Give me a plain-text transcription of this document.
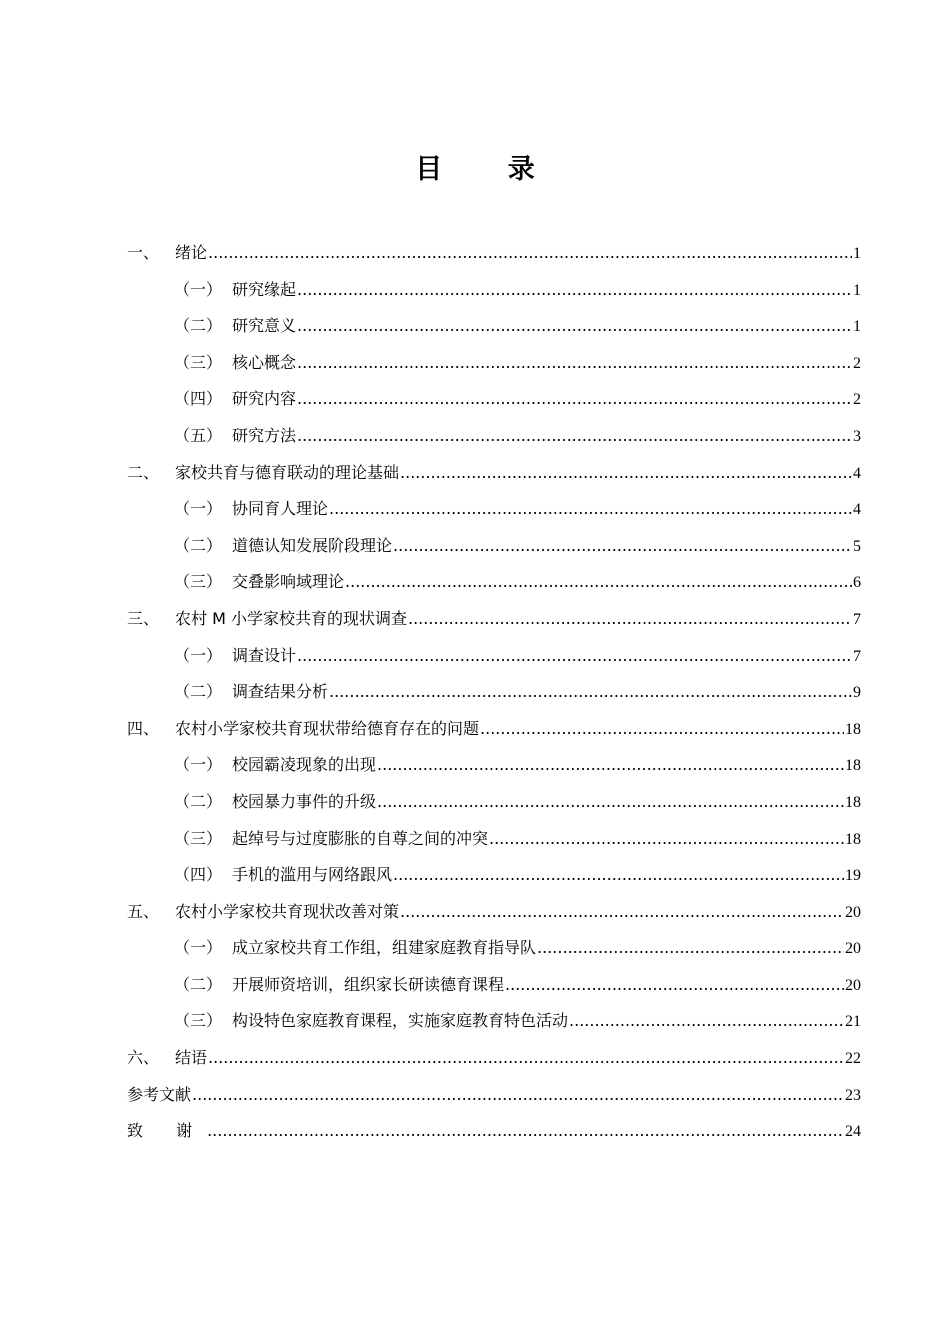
目 录
一、 绪论 .....	1
（一） 研究缘起 .....	1
（二） 研究意义 .....	1
（三） 核心概念 .....	2
（四） 研究内容 .....	2
（五） 研究方法 .....	3
二、 家校共育与德育联动的理论基础 .....	4
（一） 协同育人理论 .....	4
（二） 道德认知发展阶段理论 .....	5
（三） 交叠影响域理论 .....	6
三、 农村 M 小学家校共育的现状调查 .....	7
（一） 调查设计 .....	7
（二） 调查结果分析 .....	9
四、 农村小学家校共育现状带给德育存在的问题 .....	18
（一） 校园霸凌现象的出现 .....	18
（二） 校园暴力事件的升级 .....	18
（三） 起绰号与过度膨胀的自尊之间的冲突 .....	18
（四） 手机的滥用与网络跟风 .....	19
五、 农村小学家校共育现状改善对策 .....	20
（一） 成立家校共育工作组，组建家庭教育指导队 .....	20
（二） 开展师资培训，组织家长研读德育课程 .....	20
（三） 构设特色家庭教育课程，实施家庭教育特色活动 .....	21
六、 结语 .....	22
参考文献 .....	23
致 谢 .....	24
